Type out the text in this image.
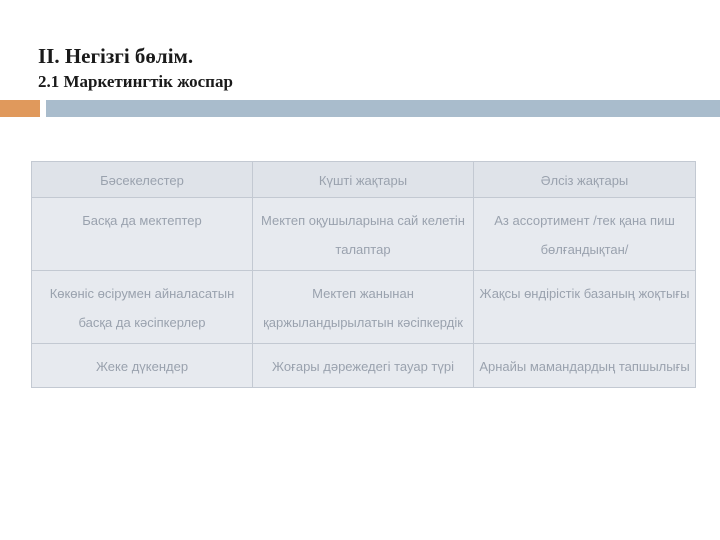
II. Негізгі бөлім.
2.1 Маркетингтік жоспар
Бәсекелестер	Күшті жақтары	Әлсіз жақтары
Басқа да мектептер	Мектеп оқушыларына сай келетін талаптар	Аз ассортимент /тек қана пиш бөлғандықтан/
Көкөніс өсірумен айналасатын басқа да кәсіпкерлер	Мектеп жанынан қаржыландырылатын кәсіпкердік	Жақсы өндірістік базаның жоқтығы
Жеке дүкендер	Жоғары дәрежедегі тауар түрі	Арнайы мамандардың тапшылығы
